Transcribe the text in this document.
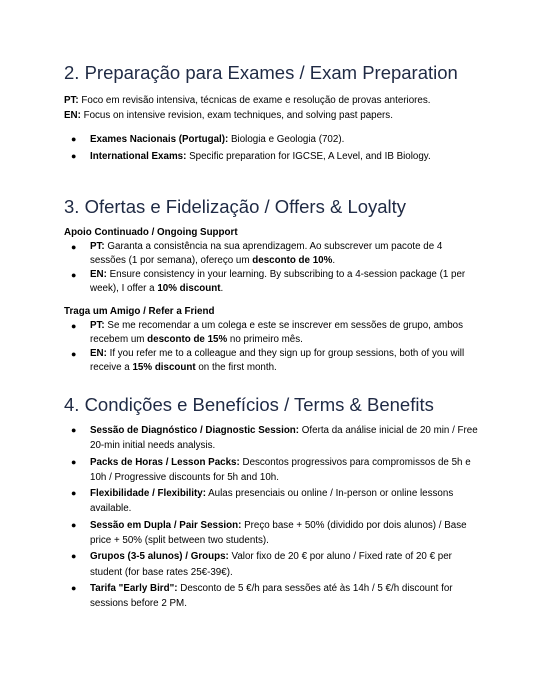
2. Preparação para Exames / Exam Preparation

PT: Foco em revisão intensiva, técnicas de exame e resolução de provas anteriores.

EN: Focus on intensive revision, exam techniques, and solving past papers.

● Exames Nacionais (Portugal): Biologia e Geologia (702).
● International Exams: Specific preparation for IGCSE, A Level, and IB Biology.
3. Ofertas e Fidelização / Offers & Loyalty

Apoio Continuado / Ongoing Support

● PT: Garanta a consistência na sua aprendizagem. Ao subscrever um pacote de 4 sessões (1 por semana), ofereço um desconto de 10%.
● EN: Ensure consistency in your learning. By subscribing to a 4-session package (1 per week), I offer a 10% discount.

Traga um Amigo / Refer a Friend

● PT: Se me recomendar a um colega e este se inscrever em sessões de grupo, ambos recebem um desconto de 15% no primeiro mês.
● EN: If you refer me to a colleague and they sign up for group sessions, both of you will receive a 15% discount on the first month.
4. Condições e Benefícios / Terms & Benefits
● Sessão de Diagnóstico / Diagnostic Session: Oferta da análise inicial de 20 min / Free 20-min initial needs analysis.
● Packs de Horas / Lesson Packs: Descontos progressivos para compromissos de 5h e 10h / Progressive discounts for 5h and 10h.
● Flexibilidade / Flexibility: Aulas presenciais ou online / In-person or online lessons available.
● Sessão em Dupla / Pair Session: Preço base + 50% (dividido por dois alunos) / Base price + 50% (split between two students).
● Grupos (3-5 alunos) / Groups: Valor fixo de 20 € por aluno / Fixed rate of 20 € per student (for base rates 25€-39€).
● Tarifa "Early Bird": Desconto de 5 €/h para sessões até às 14h / 5 €/h discount for sessions before 2 PM.
